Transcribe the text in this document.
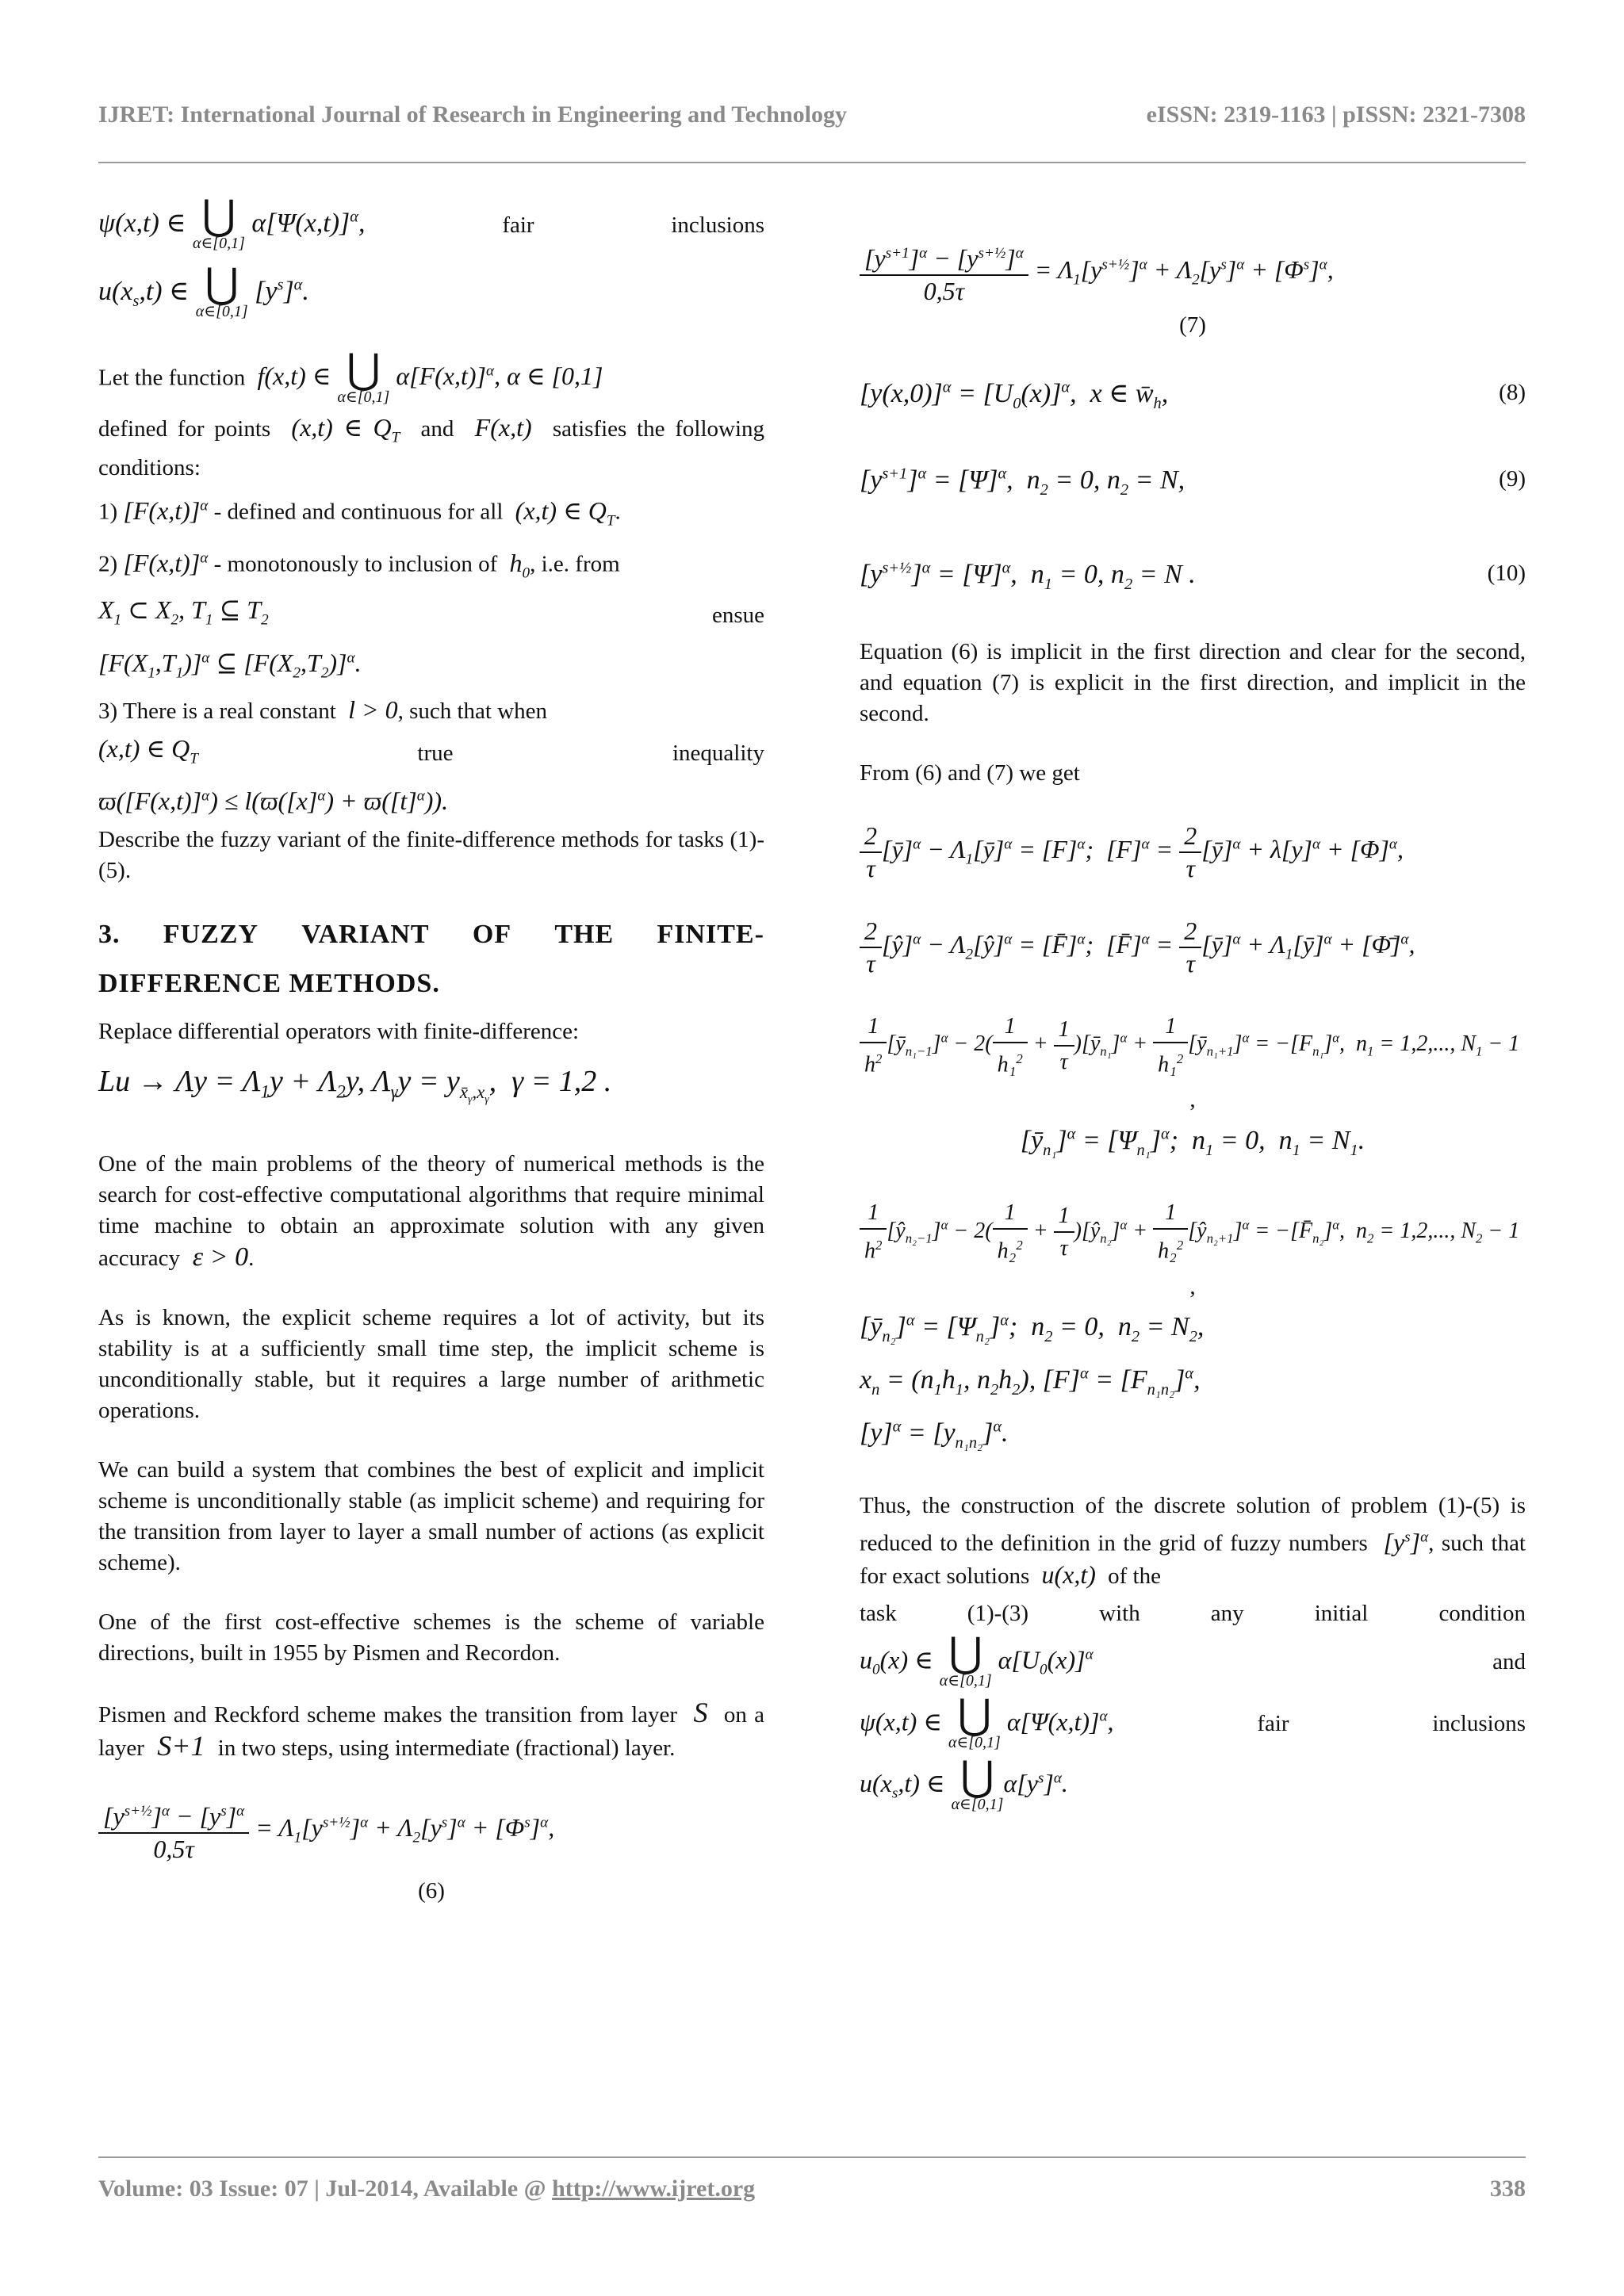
IJRET: International Journal of Research in Engineering and Technology	eISSN: 2319-1163 | pISSN: 2321-7308
ψ(x,t) ∈ ⋃
α∈[0,1]
$\alpha[\Psi(x,t)]^\alpha$,	fair	inclusions
$u(x_s,t)$ ∈ ⋃
α∈[0,1]
$[y^s]^\alpha$.
Let the function  f(x,t) ∈ ⋃
α∈[0,1]
$\alpha[F(x,t)]^\alpha$, α ∈ [0,1]
defined for points  (x,t) ∈ $Q_T$ and  F(x,t)  satisfies the following conditions:
1) $[F(x,t)]^\alpha$ - defined and continuous for all  (x,t) ∈ $Q_T$.
2) $[F(x,t)]^\alpha$ - monotonously to inclusion of  $h_0$, i.e. from
$X_1$ ⊂ $X_2$, $T_1$ ⊆ $T_2$	ensue
$[F(X_1,T_1)]^\alpha$ ⊆ $[F(X_2,T_2)]^\alpha$.
3) There is a real constant  l > 0, such that when
(x,t) ∈ $Q_T$	true	inequality
$ϖ([F(x,t)]^\alpha) \le l(ϖ([x]^\alpha) + ϖ([t]^\alpha))$.
Describe the fuzzy variant of the finite-difference methods for tasks (1)-(5).
3. FUZZY VARIANT OF THE FINITE-
DIFFERENCE METHODS.
Replace differential operators with finite-difference:
$Lu \to \Lambda y = \Lambda_1y + \Lambda_2y$, $\Lambda_\gamma y = y_{x̄_\gamma,x_\gamma}$,  γ = 1,2 .
One of the main problems of the theory of numerical methods is the search for cost-effective computational algorithms that require minimal time machine to obtain an approximate solution with any given accuracy  ε > 0.
As is known, the explicit scheme requires a lot of activity, but its stability is at a sufficiently small time step, the implicit scheme is unconditionally stable, but it requires a large number of arithmetic operations.
We can build a system that combines the best of explicit and implicit scheme is unconditionally stable (as implicit scheme) and requiring for the transition from layer to layer a small number of actions (as explicit scheme).
One of the first cost-effective schemes is the scheme of variable directions, built in 1955 by Pismen and Recordon.
Pismen and Reckford scheme makes the transition from layer  S  on a layer  S+1  in two steps, using intermediate (fractional) layer.
$\frac{[y^{s+\frac{1}{2}}]^\alpha - [y^s]^\alpha}{0,5\tau} = \Lambda_1[y^{s+\frac{1}{2}}]^\alpha + \Lambda_2[y^s]^\alpha + [\Phi^s]^\alpha$,
(6)
$\frac{[y^{s+1}]^\alpha - [y^{s+\frac{1}{2}}]^\alpha}{0,5\tau} = \Lambda_1[y^{s+\frac{1}{2}}]^\alpha + \Lambda_2[y^s]^\alpha + [\Phi^s]^\alpha$,
(7)
$[y(x,0)]^\alpha = [U_0(x)]^\alpha$,  x ∈ $w̄_h$,	(8)
$[y^{s+1}]^\alpha = [\Psi]^\alpha$,  $n_2 = 0$, $n_2 = N$,	(9)
$[y^{s+\frac{1}{2}}]^\alpha = [\Psi]^\alpha$,  $n_1 = 0$, $n_2 = N$ .	(10)
Equation (6) is implicit in the first direction and clear for the second, and equation (7) is explicit in the first direction, and implicit in the second.
From (6) and (7) we get
$\frac{2}{\tau}$ [ȳ]$^\alpha$ − $\Lambda_1[ȳ]^\alpha = [F]^\alpha$;  $[F]^\alpha = \frac{2}{\tau}$ [ȳ]$^\alpha$ + $\lambda[y]^\alpha + [\Phi]^\alpha$,
$\frac{2}{\tau}$ [ŷ]$^\alpha$ − $\Lambda_2[ŷ]^\alpha$ = [F̄]$^\alpha$;  [F̄]$^\alpha$ = $\frac{2}{\tau}$ [ȳ]$^\alpha$ + $\Lambda_1[ȳ]^\alpha$ + [Φ̄]$^\alpha$,
$\frac{1}{h^2}$ $[ȳ_{n_1-1}]^\alpha - 2( \frac{1}{h_1^2} + \frac{1}{\tau}$ )$[ȳ_{n_1}]^\alpha + \frac{1}{h_1^2}$ $[ȳ_{n_1+1}]^\alpha = -[F_{n_1}]^\alpha$,  $n_1 = 1,2$,..., $N_1 - 1$
,
$[ȳ_{n_1}]^\alpha = [\Psi_{n_1}]^\alpha$;  $n_1 = 0$,  $n_1 = N_1$.
$\frac{1}{h^2}$ $[ŷ_{n_2-1}]^\alpha - 2( \frac{1}{h_2^2} + \frac{1}{\tau}$ )$[ŷ_{n_2}]^\alpha + \frac{1}{h_2^2}$ $[ŷ_{n_2+1}]^\alpha$ = $-[F̄_{n_2}]^\alpha$,  $n_2 = 1,2$,..., $N_2 - 1$
,
$[ȳ_{n_2}]^\alpha = [\Psi_{n_2}]^\alpha$;  $n_2 = 0$,  $n_2 = N_2$,
$x_n = (n_1h_1$, $n_2h_2$), $[F]^\alpha = [F_{n_1n_2}]^\alpha$,
$[y]^\alpha = [y_{n_1n_2}]^\alpha$.
Thus, the construction of the discrete solution of problem (1)-(5) is reduced to the definition in the grid of fuzzy numbers  $[y^s]^\alpha$, such that for exact solutions  u(x,t)  of the
task	(1)-(3)	with	any	initial	condition
$u_0(x)$ ∈ ⋃
α∈[0,1]
$\alpha[U_0(x)]^\alpha$	and
ψ(x,t) ∈ ⋃
α∈[0,1]
$\alpha[\Psi(x,t)]^\alpha$,	fair	inclusions
$u(x_s,t)$ ∈ ⋃
α∈[0,1]
$\alpha[y^s]^\alpha$.
Volume: 03 Issue: 07 | Jul-2014, Available @ http://www.ijret.org	338
